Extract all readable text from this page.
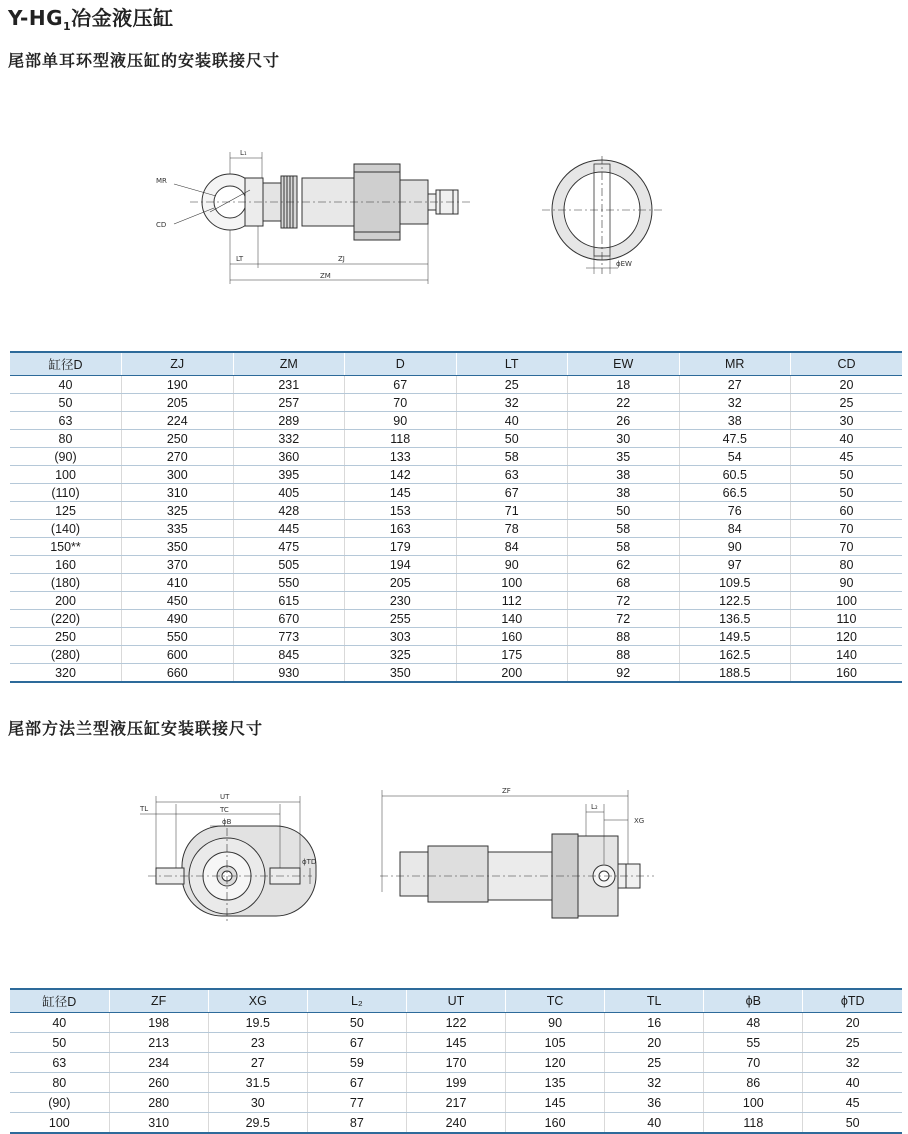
$Y-HG_1$冶金液压缸
尾部单耳环型液压缸的安装联接尺寸
L₁
MR
CD
LT	ZJ
ZM
ϕEW
缸径D	ZJ	ZM	D	LT	EW	MR	CD
40	190	231	67	25	18	27	20
50	205	257	70	32	22	32	25
63	224	289	90	40	26	38	30
80	250	332	118	50	30	47.5	40
(90)	270	360	133	58	35	54	45
100	300	395	142	63	38	60.5	50
(110)	310	405	145	67	38	66.5	50
125	325	428	153	71	50	76	60
(140)	335	445	163	78	58	84	70
150**	350	475	179	84	58	90	70
160	370	505	194	90	62	97	80
(180)	410	550	205	100	68	109.5	90
200	450	615	230	112	72	122.5	100
(220)	490	670	255	140	72	136.5	110
250	550	773	303	160	88	149.5	120
(280)	600	845	325	175	88	162.5	140
320	660	930	350	200	92	188.5	160
尾部方法兰型液压缸安装联接尺寸
UT
TL	TC
ϕB
ϕTD
ZF
L₂
XG
缸径D	ZF	XG	L₂	UT	TC	TL	ϕB	ϕTD
40	198	19.5	50	122	90	16	48	20
50	213	23	67	145	105	20	55	25
63	234	27	59	170	120	25	70	32
80	260	31.5	67	199	135	32	86	40
(90)	280	30	77	217	145	36	100	45
100	310	29.5	87	240	160	40	118	50
